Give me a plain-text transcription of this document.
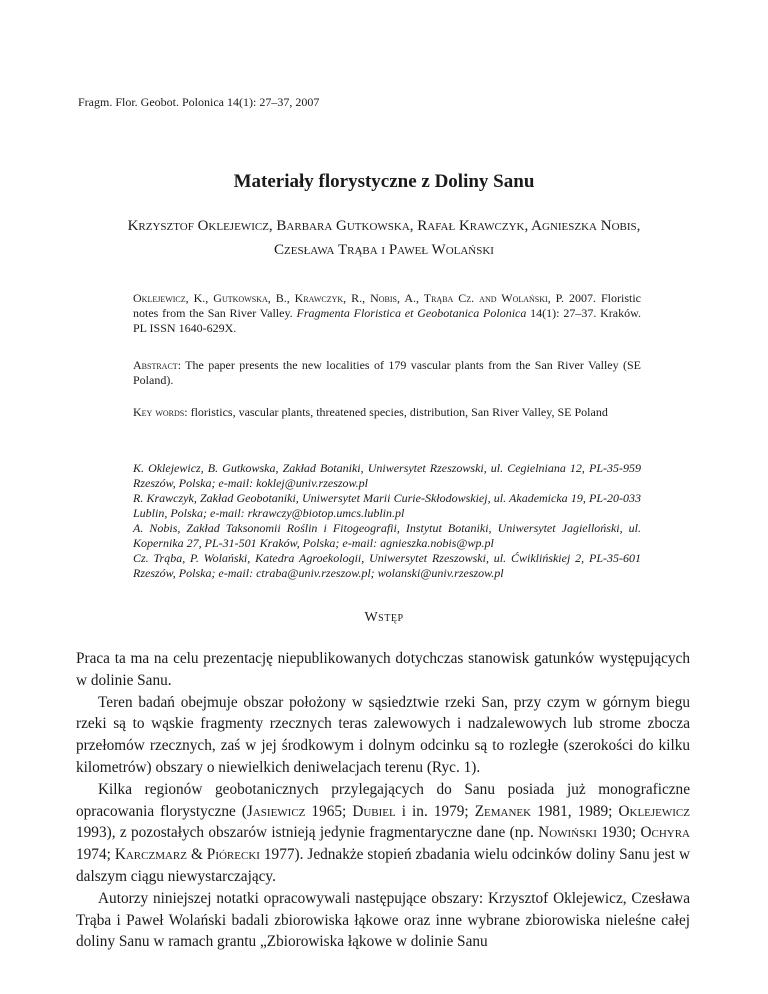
Fragm. Flor. Geobot. Polonica 14(1): 27–37, 2007
Materiały florystyczne z Doliny Sanu
Krzysztof Oklejewicz, Barbara Gutkowska, Rafał Krawczyk, Agnieszka Nobis,
Czesława Trąba i Paweł Wolański
Oklejewicz, K., Gutkowska, B., Krawczyk, R., Nobis, A., Trąba Cz. and Wolański, P. 2007. Floristic notes from the San River Valley. Fragmenta Floristica et Geobotanica Polonica 14(1): 27–37. Kraków. PL ISSN 1640-629X.
Abstract: The paper presents the new localities of 179 vascular plants from the San River Valley (SE Poland).
Key words: floristics, vascular plants, threatened species, distribution, San River Valley, SE Poland

K. Oklejewicz, B. Gutkowska, Zakład Botaniki, Uniwersytet Rzeszowski, ul. Cegielniana 12, PL-35-959 Rzeszów, Polska; e-mail: koklej@univ.rzeszow.pl

R. Krawczyk, Zakład Geobotaniki, Uniwersytet Marii Curie-Skłodowskiej, ul. Akademicka 19, PL-20-033 Lublin, Polska; e-mail: rkrawczy@biotop.umcs.lublin.pl

A. Nobis, Zakład Taksonomii Roślin i Fitogeografii, Instytut Botaniki, Uniwersytet Jagielloński, ul. Kopernika 27, PL-31-501 Kraków, Polska; e-mail: agnieszka.nobis@wp.pl

Cz. Trąba, P. Wolański, Katedra Agroekologii, Uniwersytet Rzeszowski, ul. Ćwiklińskiej 2, PL-35-601 Rzeszów, Polska; e-mail: ctraba@univ.rzeszow.pl; wolanski@univ.rzeszow.pl

Wstęp

Praca ta ma na celu prezentację niepublikowanych dotychczas stanowisk gatunków występujących w dolinie Sanu.

Teren badań obejmuje obszar położony w sąsiedztwie rzeki San, przy czym w górnym biegu rzeki są to wąskie fragmenty rzecznych teras zalewowych i nadzalewowych lub strome zbocza przełomów rzecznych, zaś w jej środkowym i dolnym odcinku są to rozległe (szerokości do kilku kilometrów) obszary o niewielkich deniwelacjach terenu (Ryc. 1).

Kilka regionów geobotanicznych przylegających do Sanu posiada już monograficzne opracowania florystyczne (Jasiewicz 1965; Dubiel i in. 1979; Zemanek 1981, 1989; Oklejewicz 1993), z pozostałych obszarów istnieją jedynie fragmentaryczne dane (np. Nowiński 1930; Ochyra 1974; Karczmarz & Piórecki 1977). Jednakże stopień zbadania wielu odcinków doliny Sanu jest w dalszym ciągu niewystarczający.

Autorzy niniejszej notatki opracowywali następujące obszary: Krzysztof Oklejewicz, Czesława Trąba i Paweł Wolański badali zbiorowiska łąkowe oraz inne wybrane zbiorowiska nieleśne całej doliny Sanu w ramach grantu „Zbiorowiska łąkowe w dolinie Sanu
